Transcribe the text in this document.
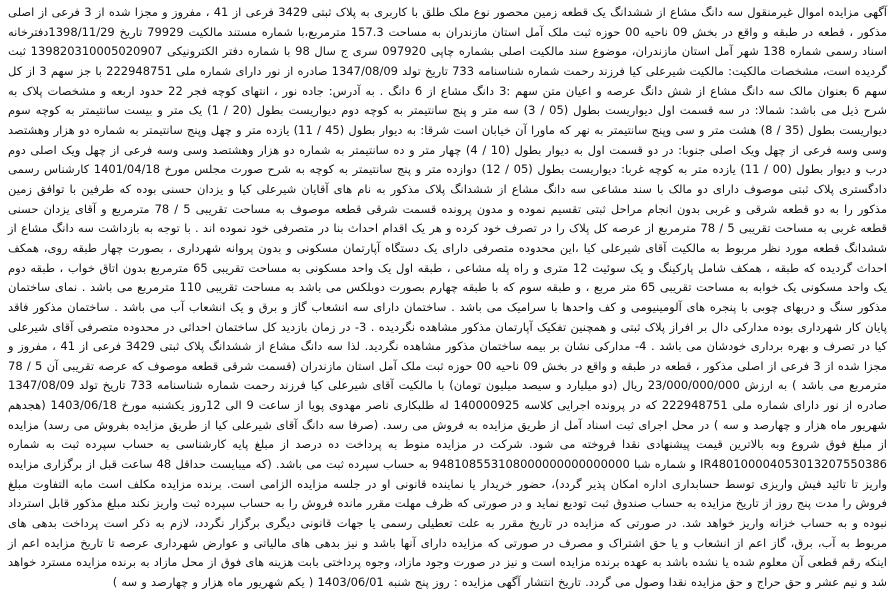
آگهی مزایده اموال غیرمنقول سه دانگ مشاع از ششدانگ یک قطعه زمین محصور نوع ملک طلق با کاربری به پلاک ثبتی 3429 فرعی از 41 ، مفروز و مجزا شده از 3 فرعی از اصلی مذکور ، قطعه در طبقه و واقع در بخش 09 ناحیه 00 حوزه ثبت ملک آمل استان مازندران به مساحت 157.3 مترمربع،با شماره مستند مالکیت 79929 تاریخ 1398/11/29دفترخانه اسناد رسمی شماره 138 شهر آمل استان مازندران، موضوع سند مالکیت اصلی بشماره چاپی 097920 سری ج سال 98 با شماره دفتر الکترونیکی 139820310005020907 ثبت گردیده است، مشخصات مالکیت: مالکیت شیرعلی کیا فرزند رحمت شماره شناسنامه 733 تاریخ تولد 1347/08/09 صادره از نور دارای شماره ملی 222948751 با جز سهم 3 از کل سهم 6 بعنوان مالک سه دانگ مشاع از شش دانگ عرصه و اعیان متن سهم :3 دانگ مشاع از 6 دانگ . به آدرس: جاده نور ، انتهای کوچه فجر 22 حدود اربعه و مشخصات پلاک به شرح ذیل می باشد: شمالا: در سه قسمت اول دیواریست بطول (05 / 3) سه متر و پنج سانتیمتر به کوچه دوم دیواریست بطول (20 / 1) یک متر و بیست سانتیمتر به کوچه سوم دیواریست بطول (35 / 8) هشت متر و سی وپنج سانتیمتر به نهر که ماورا آن خیابان است شرقا: به دیوار بطول (45 / 11) یازده متر و چهل وپنج سانتیمتر به شماره دو هزار وهشتصد وسی وسه فرعی از چهل ویک اصلی جنوبا: در دو قسمت اول به دیوار بطول (10 / 4) چهار متر و ده سانتیمتر به شماره دو هزار وهشتصد وسی وسه فرعی از چهل ویک اصلی دوم درب و دیوار بطول (00 / 11) یازده متر به کوچه غربا: دیواریست بطول (05 / 12) دوازده متر و پنج سانتیمتر به کوچه به شرح صورت مجلس مورخ 1401/04/18 کارشناس رسمی دادگستری پلاک ثبتی موصوف دارای دو مالک با سند مشاعی سه دانگ مشاع از ششدانگ پلاک مذکور به نام های آقایان شیرعلی کیا و یزدان حسنی بوده که طرفین با توافق زمین مذکور را به دو قطعه شرقی و غربی بدون انجام مراحل ثبتی تقسیم نموده و مدون پرونده قسمت شرقی قطعه موصوف به مساحت تقریبی 5 / 78 مترمربع و آقای یزدان حسنی قطعه غربی به مساحت تقریبی 5 / 78 مترمربع از عرصه کل پلاک را در تصرف خود کرده و هر یک اقدام احداث بنا در متصرفی خود نموده اند . با توجه به بازداشت سه دانگ مشاع از ششدانگ قطعه مورد نظر مربوط به مالکیت آقای شیرعلی کیا ،این محدوده متصرفی دارای یک دستگاه آپارتمان مسکونی و بدون پروانه شهرداری ، بصورت چهار طبقه روی، همکف احداث گردیده که طبقه ، همکف شامل پارکینگ و یک سوئیت 12 متری و راه پله مشاعی ، طبقه اول یک واحد مسکونی به مساحت تقریبی 65 مترمربع بدون اتاق خواب ، طبقه دوم یک واحد مسکونی یک خوابه به مساحت تقریبی 65 متر مربع ، و طبقه سوم که با طبقه چهارم بصورت دوبلکس می باشد به مساحت تقریبی 110 مترمربع می باشد . نمای ساختمان مذکور سنگ و دربهای چوبی با پنجره های آلومینیومی و کف واحدها با سرامیک می باشد . ساختمان دارای سه انشعاب گاز و برق و یک انشعاب آب می باشد . ساختمان مذکور فاقد پایان کار شهرداری بوده مدارکی دال بر افراز پلاک ثبتی و همچنین تفکیک آپارتمان مذکور مشاهده نگردیده . 3- در زمان بازدید کل ساختمان احداثی در محدوده متصرفی آقای شیرعلی کیا در تصرف و بهره برداری خودشان می باشد . 4- مدارکی نشان بر بیمه ساختمان مذکور مشاهده نگردید. لذا سه دانگ مشاع از ششدانگ پلاک ثبتی 3429 فرعی از 41 ، مفروز و مجزا شده از 3 فرعی از اصلی مذکور ، قطعه در طبقه و واقع در بخش 09 ناحیه 00 حوزه ثبت ملک آمل استان مازندران (قسمت شرقی قطعه موصوف که عرصه تقریبی آن 5 / 78 مترمربع می باشد ) به ارزش 23/000/000/000 ریال (دو میلیارد و سیصد میلیون تومان) با مالکیت آقای شیرعلی کیا فرزند رحمت شماره شناسنامه 733 تاریخ تولد 1347/08/09 صادره از نور دارای شماره ملی 222948751 که در پرونده اجرایی کلاسه 140000925 له طلبکاری ناصر مهدوی پویا از ساعت 9 الی 12روز یکشنبه مورخ 1403/06/18 (هجدهم شهریور ماه هزار و چهارصد و سه ) در محل اجرای ثبت اسناد آمل از طریق مزایده به فروش می رسد. (صرفا سه دانگ آقای شیرعلی کیا از طریق مزایده بفروش می رسد) مزایده از مبلغ فوق شروع وبه بالاترین قیمت پیشنهادی نقدا فروخته می شود. شرکت در مزایده منوط به پرداخت ده درصد از مبلغ پایه کارشناسی به حساب سپرده ثبت به شماره IR480100004053013207550386 و شماره شبا 948108553108000000000000000 به حساب سپرده ثبت می باشد. (که میبایست حداقل 48 ساعت قبل از برگزاری مزایده واریز تا تائید فیش واریزی توسط حسابداری اداره امکان پذیر گردد)، حضور خریدار یا نماینده قانونی او در جلسه مزایده الزامی است. برنده مزایده مکلف است مابه التفاوت مبلغ فروش را مدت پنج روز از تاریخ مزایده به حساب صندوق ثبت تودیع نماید و در صورتی که ظرف مهلت مقرر مانده فروش را به حساب سپرده ثبت واریز نکند مبلغ مذکور قابل استرداد نبوده و به حساب خزانه واریز خواهد شد. در صورتی که مزایده در تاریخ مقرر به علت تعطیلی رسمی یا جهات قانونی دیگری برگزار نگردد، لازم به ذکر است پرداخت بدهی های مربوط به آب، برق، گاز اعم از انشعاب و یا حق اشتراک و مصرف در صورتی که مزایده دارای آنها باشد و نیز بدهی های مالیاتی و عوارض شهرداری عرصه تا تاریخ مزایده اعم از اینکه رقم قطعی آن معلوم شده یا نشده باشد به عهده برنده مزایده است و نیز در صورت وجود مازاد، وجوه پرداختی بابت هزینه های فوق از محل مازاد به برنده مزایده مسترد خواهد شد و نیم عشر و حق حراج و حق مزایده نقدا وصول می گردد. تاریخ انتشار آگهی مزایده : روز پنج شنبه 1403/06/01 ( یکم شهریور ماه هزار و چهارصد و سه )
